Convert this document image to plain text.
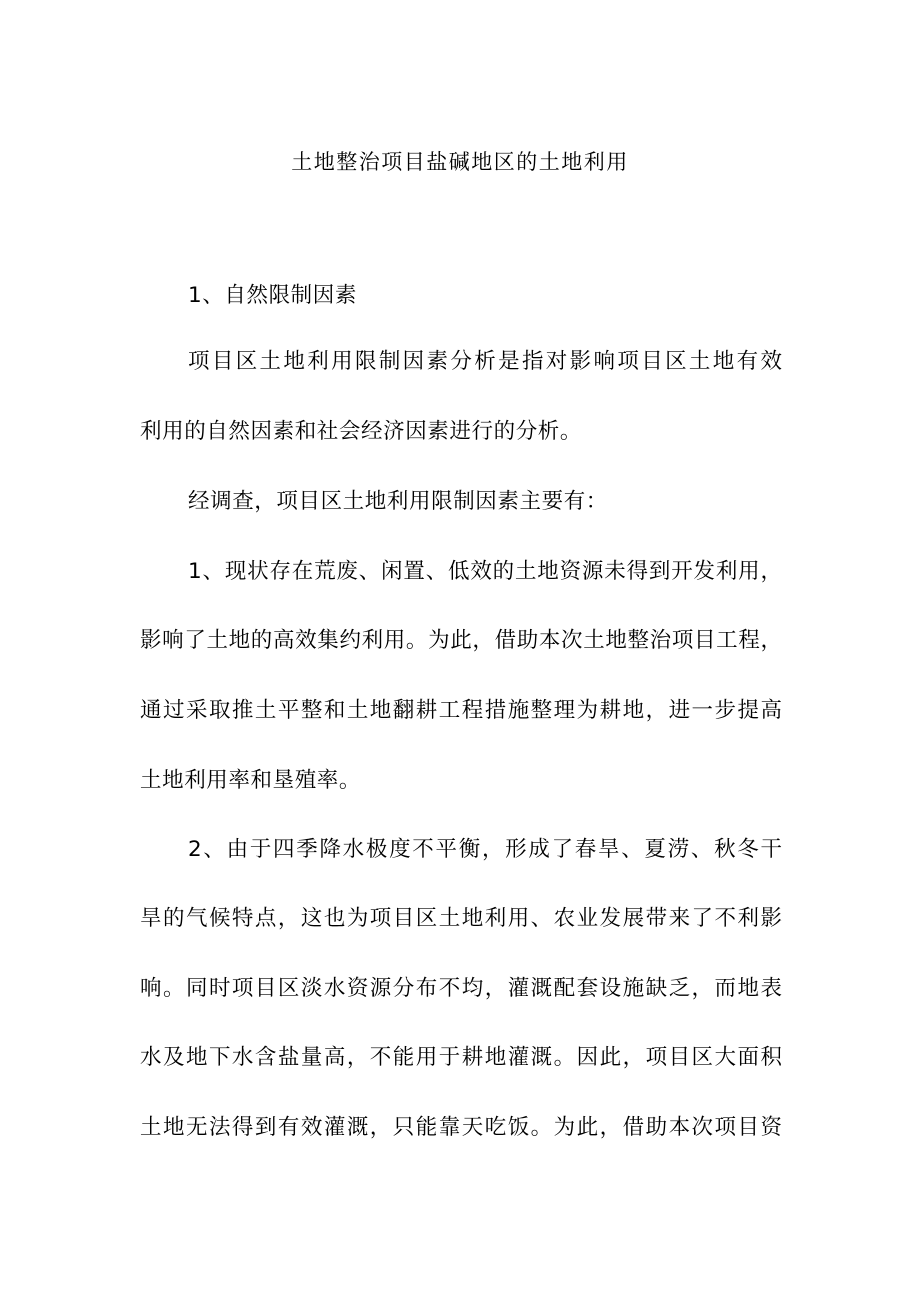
土地整治项目盐碱地区的土地利用
1、自然限制因素
项目区土地利用限制因素分析是指对影响项目区土地有效
利用的自然因素和社会经济因素进行的分析。
经调查，项目区土地利用限制因素主要有：
1、现状存在荒废、闲置、低效的土地资源未得到开发利用，
影响了土地的高效集约利用。为此，借助本次土地整治项目工程，
通过采取推土平整和土地翻耕工程措施整理为耕地，进一步提高
土地利用率和垦殖率。
2、由于四季降水极度不平衡，形成了春旱、夏涝、秋冬干
旱的气候特点，这也为项目区土地利用、农业发展带来了不利影
响。同时项目区淡水资源分布不均，灌溉配套设施缺乏，而地表
水及地下水含盐量高，不能用于耕地灌溉。因此，项目区大面积
土地无法得到有效灌溉，只能靠天吃饭。为此，借助本次项目资
